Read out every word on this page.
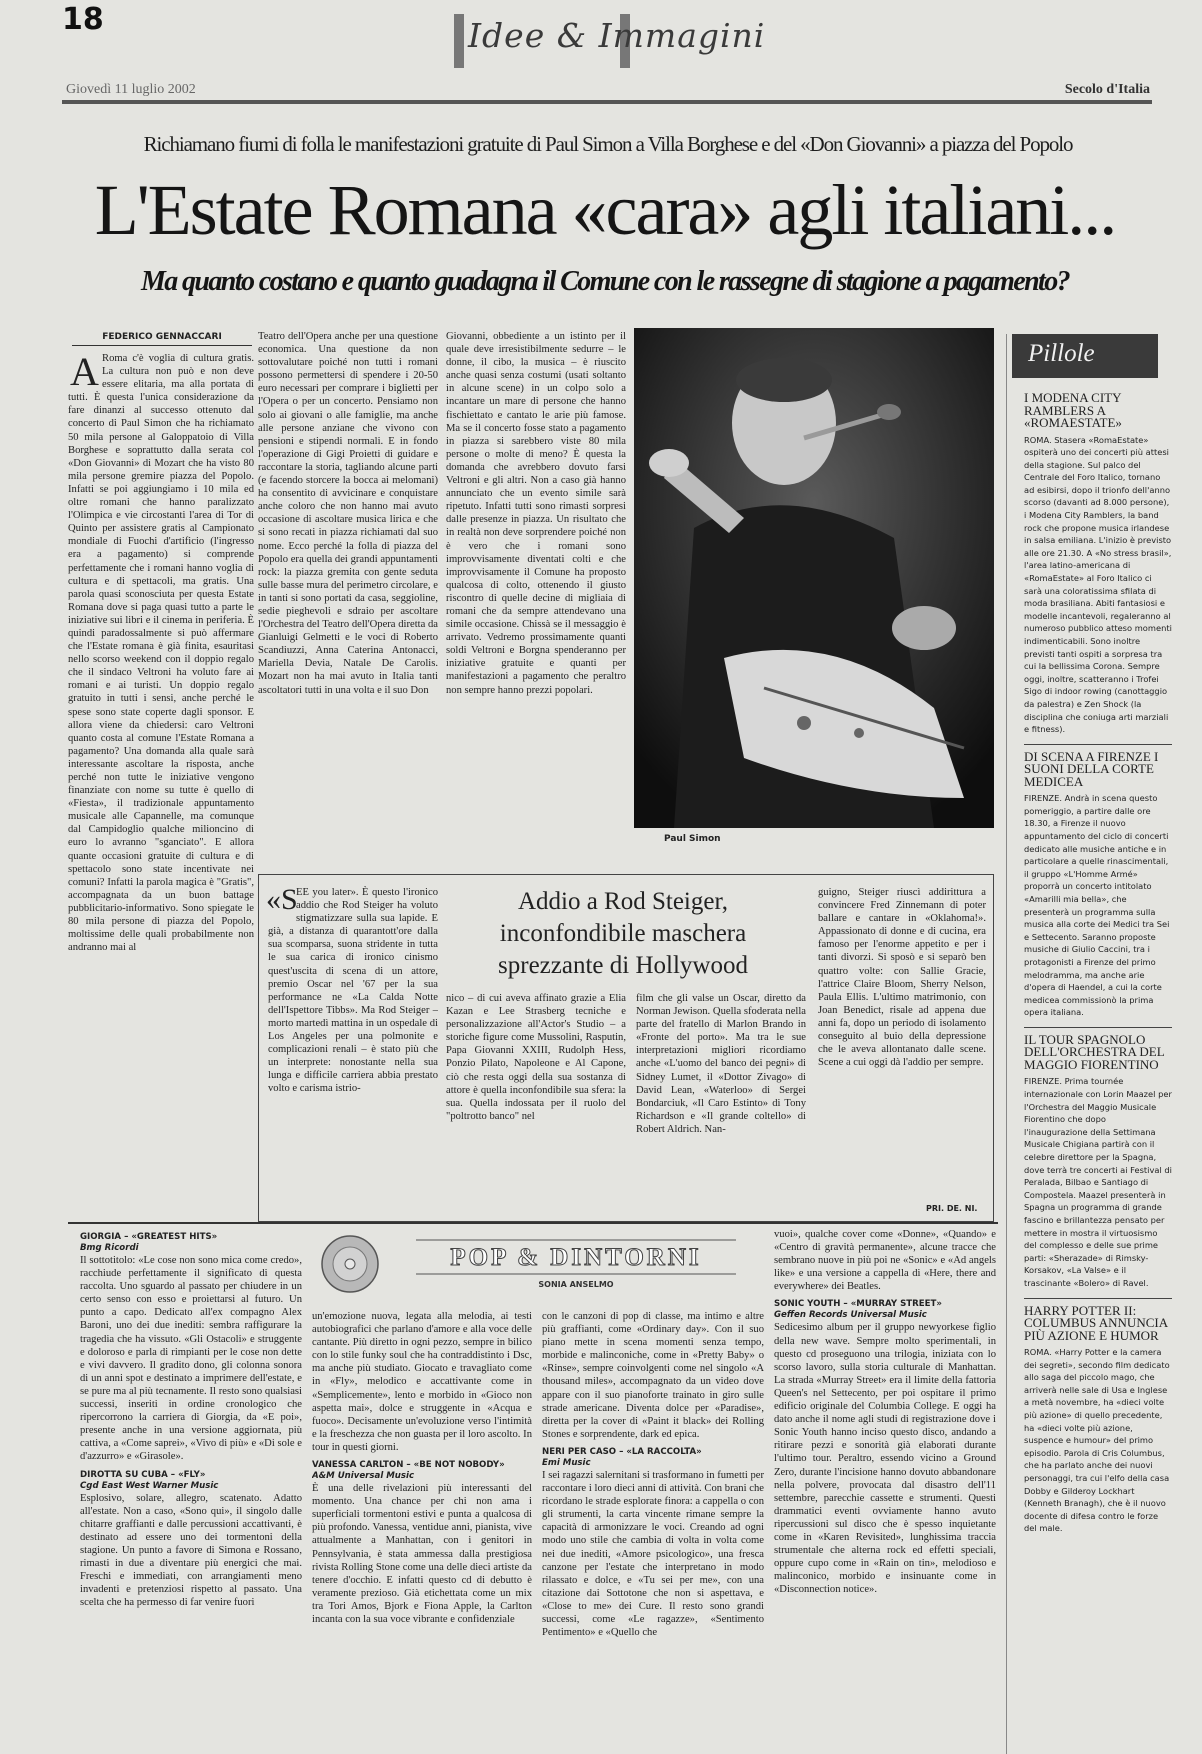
18	Idee & Immagini
Giovedì 11 luglio 2002	Secolo d'Italia
Richiamano fiumi di folla le manifestazioni gratuite di Paul Simon a Villa Borghese e del «Don Giovanni» a piazza del Popolo
L'Estate Romana «cara» agli italiani...
Ma quanto costano e quanto guadagna il Comune con le rassegne di stagione a pagamento?
FEDERICO GENNACCARI
A Roma c'è voglia di cultura gratis. La cultura non può e non deve essere elitaria, ma alla portata di tutti. È questa l'unica considerazione da fare dinanzi al successo ottenuto dal concerto di Paul Simon che ha richiamato 50 mila persone al Galoppatoio di Villa Borghese e soprattutto dalla serata col «Don Giovanni» di Mozart che ha visto 80 mila persone gremire piazza del Popolo. Infatti se poi aggiungiamo i 10 mila ed oltre romani che hanno paralizzato l'Olimpica e vie circostanti l'area di Tor di Quinto per assistere gratis al Campionato mondiale di Fuochi d'artificio (l'ingresso era a pagamento) si comprende perfettamente che i romani hanno voglia di cultura e di spettacoli, ma gratis. Una parola quasi sconosciuta per questa Estate Romana dove si paga quasi tutto a parte le iniziative sui libri e il cinema in periferia. È quindi paradossalmente si può affermare che l'Estate romana è già finita, esauritasi nello scorso weekend con il doppio regalo che il sindaco Veltroni ha voluto fare ai romani e ai turisti. Un doppio regalo gratuito in tutti i sensi, anche perché le spese sono state coperte dagli sponsor. E allora viene da chiedersi: caro Veltroni quanto costa al comune l'Estate Romana a pagamento? Una domanda alla quale sarà interessante ascoltare la risposta, anche perché non tutte le iniziative vengono finanziate con nome su tutte è quello di «Fiesta», il tradizionale appuntamento musicale alle Capannelle, ma comunque dal Campidoglio qualche milioncino di euro lo avranno "sganciato". E allora quante occasioni gratuite di cultura e di spettacolo sono state incentivate nei comuni? Infatti la parola magica è "Gratis", accompagnata da un buon battage pubblicitario-informativo. Sono spiegate le 80 mila persone di piazza del Popolo, moltissime delle quali probabilmente non andranno mai al

Teatro dell'Opera anche per una questione economica. Una questione da non sottovalutare poiché non tutti i romani possono permettersi di spendere i 20-50 euro necessari per comprare i biglietti per l'Opera o per un concerto. Pensiamo non solo ai giovani o alle famiglie, ma anche alle persone anziane che vivono con pensioni e stipendi normali. E in fondo l'operazione di Gigi Proietti di guidare e raccontare la storia, tagliando alcune parti (e facendo storcere la bocca ai melomani) ha consentito di avvicinare e conquistare anche coloro che non hanno mai avuto occasione di ascoltare musica lirica e che si sono recati in piazza richiamati dal suo nome. Ecco perché la folla di piazza del Popolo era quella dei grandi appuntamenti rock: la piazza gremita con gente seduta sulle basse mura del perimetro circolare, e in tanti si sono portati da casa, seggioline, sedie pieghevoli e sdraio per ascoltare l'Orchestra del Teatro dell'Opera diretta da Gianluigi Gelmetti e le voci di Roberto Scandiuzzi, Anna Caterina Antonacci, Mariella Devia, Natale De Carolis. Mozart non ha mai avuto in Italia tanti ascoltatori tutti in una volta e il suo Don

Giovanni, obbediente a un istinto per il quale deve irresistibilmente sedurre – le donne, il cibo, la musica – è riuscito anche quasi senza costumi (usati soltanto in alcune scene) in un colpo solo a incantare un mare di persone che hanno fischiettato e cantato le arie più famose. Ma se il concerto fosse stato a pagamento in piazza si sarebbero viste 80 mila persone o molte di meno? È questa la domanda che avrebbero dovuto farsi Veltroni e gli altri. Non a caso già hanno annunciato che un evento simile sarà ripetuto. Infatti tutti sono rimasti sorpresi dalle presenze in piazza. Un risultato che in realtà non deve sorprendere poiché non è vero che i romani sono improvvisamente diventati colti e che improvvisamente il Comune ha proposto qualcosa di colto, ottenendo il giusto riscontro di quelle decine di migliaia di romani che da sempre attendevano una simile occasione. Chissà se il messaggio è arrivato. Vedremo prossimamente quanti soldi Veltroni e Borgna spenderanno per iniziative gratuite e quanti per manifestazioni a pagamento che peraltro non sempre hanno prezzi popolari.

Paul Simon
«S

EE you later». È questo l'ironico addio che Rod Steiger ha voluto stigmatizzare sulla sua lapide. E già, a distanza di quarantott'ore dalla sua scomparsa, suona stridente in tutta le sua carica di ironico cinismo quest'uscita di scena di un attore, premio Oscar nel '67 per la sua performance ne «La Calda Notte dell'Ispettore Tibbs». Ma Rod Steiger – morto martedì mattina in un ospedale di Los Angeles per una polmonite e complicazioni renali – è stato più che un interprete: nonostante nella sua lunga e difficile carriera abbia prestato volto e carisma istrio-

Addio a Rod Steiger, inconfondibile maschera sprezzante di Hollywood

nico – di cui aveva affinato grazie a Elia Kazan e Lee Strasberg tecniche e personalizzazione all'Actor's Studio – a storiche figure come Mussolini, Rasputin, Papa Giovanni XXIII, Rudolph Hess, Ponzio Pilato, Napoleone e Al Capone, ciò che resta oggi della sua sostanza di attore è quella inconfondibile sua sfera: la sua. Quella indossata per il ruolo del "poltrotto banco" nel

film che gli valse un Oscar, diretto da Norman Jewison. Quella sfoderata nella parte del fratello di Marlon Brando in «Fronte del porto». Ma tra le sue interpretazioni migliori ricordiamo anche «L'uomo del banco dei pegni» di Sidney Lumet, il «Dottor Zivago» di David Lean, «Waterloo» di Sergei Bondarciuk, «Il Caro Estinto» di Tony Richardson e «Il grande coltello» di Robert Aldrich. Nan-

guigno, Steiger riuscì addirittura a convincere Fred Zinnemann di poter ballare e cantare in «Oklahoma!». Appassionato di donne e di cucina, era famoso per l'enorme appetito e per i tanti divorzi. Si sposò e si separò ben quattro volte: con Sallie Gracie, l'attrice Claire Bloom, Sherry Nelson, Paula Ellis. L'ultimo matrimonio, con Joan Benedict, risale ad appena due anni fa, dopo un periodo di isolamento conseguito al buio della depressione che le aveva allontanato dalle scene. Scene a cui oggi dà l'addio per sempre.

PRI. DE. NI.
Pillole
I MODENA CITY RAMBLERS A «ROMAESTATE»
ROMA. Stasera «RomaEstate» ospiterà uno dei concerti più attesi della stagione. Sul palco del Centrale del Foro Italico, tornano ad esibirsi, dopo il trionfo dell'anno scorso (davanti ad 8.000 persone), i Modena City Ramblers, la band rock che propone musica irlandese in salsa emiliana. L'inizio è previsto alle ore 21.30. A «No stress brasil», l'area latino-americana di «RomaEstate» al Foro Italico ci sarà una coloratissima sfilata di moda brasiliana. Abiti fantasiosi e modelle incantevoli, regaleranno al numeroso pubblico atteso momenti indimenticabili. Sono inoltre previsti tanti ospiti a sorpresa tra cui la bellissima Corona. Sempre oggi, inoltre, scatteranno i Trofei Sigo di indoor rowing (canottaggio da palestra) e Zen Shock (la disciplina che coniuga arti marziali e fitness).
DI SCENA A FIRENZE I SUONI DELLA CORTE MEDICEA
FIRENZE. Andrà in scena questo pomeriggio, a partire dalle ore 18.30, a Firenze il nuovo appuntamento del ciclo di concerti dedicato alle musiche antiche e in particolare a quelle rinascimentali, il gruppo «L'Homme Armé» proporrà un concerto intitolato «Amarilli mia bella», che presenterà un programma sulla musica alla corte dei Medici tra Sei e Settecento. Saranno proposte musiche di Giulio Caccini, tra i protagonisti a Firenze del primo melodramma, ma anche arie d'opera di Haendel, a cui la corte medicea commissionò la prima opera italiana.
IL TOUR SPAGNOLO DELL'ORCHESTRA DEL MAGGIO FIORENTINO
FIRENZE. Prima tournée internazionale con Lorin Maazel per l'Orchestra del Maggio Musicale Fiorentino che dopo l'inaugurazione della Settimana Musicale Chigiana partirà con il celebre direttore per la Spagna, dove terrà tre concerti ai Festival di Peralada, Bilbao e Santiago di Compostela. Maazel presenterà in Spagna un programma di grande fascino e brillantezza pensato per mettere in mostra il virtuosismo del complesso e delle sue prime parti: «Sherazade» di Rimsky-Korsakov, «La Valse» e il trascinante «Bolero» di Ravel.
HARRY POTTER II: COLUMBUS ANNUNCIA PIÙ AZIONE E HUMOR
ROMA. «Harry Potter e la camera dei segreti», secondo film dedicato allo saga del piccolo mago, che arriverà nelle sale di Usa e Inglese a metà novembre, ha «dieci volte più azione» di quello precedente, ha «dieci volte più azione, suspence e humour» del primo episodio. Parola di Cris Columbus, che ha parlato anche dei nuovi personaggi, tra cui l'elfo della casa Dobby e Gilderoy Lockhart (Kenneth Branagh), che è il nuovo docente di difesa contro le forze del male.
POP & DINTORNI
SONIA ANSELMO
GIORGIA – «GREATEST HITS»
Bmg Ricordi

Il sottotitolo: «Le cose non sono mica come credo», racchiude perfettamente il significato di questa raccolta. Uno sguardo al passato per chiudere in un certo senso con esso e proiettarsi al futuro. Un punto a capo. Dedicato all'ex compagno Alex Baroni, uno dei due inediti: sembra raffigurare la tragedia che ha vissuto. «Gli Ostacoli» e struggente e doloroso e parla di rimpianti per le cose non dette e vivi davvero. Il gradito dono, gli colonna sonora di un anni spot e destinato a imprimere dell'estate, e se pure ma al più tecnamente. Il resto sono qualsiasi successi, inseriti in ordine cronologico che ripercorrono la carriera di Giorgia, da «E poi», presente anche in una versione aggiornata, più cattiva, a «Come saprei», «Vivo di più» e «Di sole e d'azzurro» e «Girasole».

DIROTTA SU CUBA – «FLY»
Cgd East West Warner Music

Esplosivo, solare, allegro, scatenato. Adatto all'estate. Non a caso, «Sono qui», il singolo dalle chitarre graffianti e dalle percussioni accattivanti, è destinato ad essere uno dei tormentoni della stagione. Un punto a favore di Simona e Rossano, rimasti in due a diventare più energici che mai. Freschi e immediati, con arrangiamenti meno invadenti e pretenziosi rispetto al passato. Una scelta che ha permesso di far venire fuori

un'emozione nuova, legata alla melodia, ai testi autobiografici che parlano d'amore e alla voce delle cantante. Più diretto in ogni pezzo, sempre in bilico con lo stile funky soul che ha contraddistinto i Dsc, ma anche più studiato. Giocato e travagliato come in «Fly», melodico e accattivante come in «Semplicemente», lento e morbido in «Gioco non aspetta mai», dolce e struggente in «Acqua e fuoco». Decisamente un'evoluzione verso l'intimità e la freschezza che non guasta per il loro ascolto. In tour in questi giorni.

VANESSA CARLTON – «BE NOT NOBODY»
A&M Universal Music

È una delle rivelazioni più interessanti del momento. Una chance per chi non ama i superficiali tormentoni estivi e punta a qualcosa di più profondo. Vanessa, ventidue anni, pianista, vive attualmente a Manhattan, con i genitori in Pennsylvania, è stata ammessa dalla prestigiosa rivista Rolling Stone come una delle dieci artiste da tenere d'occhio. E infatti questo cd di debutto è veramente prezioso. Già etichettata come un mix tra Tori Amos, Bjork e Fiona Apple, la Carlton incanta con la sua voce vibrante e confidenziale

con le canzoni di pop di classe, ma intimo e altre più graffianti, come «Ordinary day». Con il suo piano mette in scena momenti senza tempo, morbide e malinconiche, come in «Pretty Baby» o «Rinse», sempre coinvolgenti come nel singolo «A thousand miles», accompagnato da un video dove appare con il suo pianoforte trainato in giro sulle strade americane. Diventa dolce per «Paradise», diretta per la cover di «Paint it black» dei Rolling Stones e sorprendente, dark ed epica.

NERI PER CASO – «LA RACCOLTA»
Emi Music

I sei ragazzi salernitani si trasformano in fumetti per raccontare i loro dieci anni di attività. Con brani che ricordano le strade esplorate finora: a cappella o con gli strumenti, la carta vincente rimane sempre la capacità di armonizzare le voci. Creando ad ogni modo uno stile che cambia di volta in volta come nei due inediti, «Amore psicologico», una fresca canzone per l'estate che interpretano in modo rilassato e dolce, e «Tu sei per me», con una citazione dai Sottotone che non si aspettava, e «Close to me» dei Cure. Il resto sono grandi successi, come «Le ragazze», «Sentimento Pentimento» e «Quello che

vuoi», qualche cover come «Donne», «Quando» e «Centro di gravità permanente», alcune tracce che sembrano nuove in più poi ne «Sonic» e «Ad angels like» e una versione a cappella di «Here, there and everywhere» dei Beatles.

SONIC YOUTH – «MURRAY STREET»
Geffen Records Universal Music

Sedicesimo album per il gruppo newyorkese figlio della new wave. Sempre molto sperimentali, in questo cd proseguono una trilogia, iniziata con lo scorso lavoro, sulla storia culturale di Manhattan. La strada «Murray Street» era il limite della fattoria Queen's nel Settecento, per poi ospitare il primo edificio originale del Columbia College. E oggi ha dato anche il nome agli studi di registrazione dove i Sonic Youth hanno inciso questo disco, andando a ritirare pezzi e sonorità già elaborati durante l'ultimo tour. Peraltro, essendo vicino a Ground Zero, durante l'incisione hanno dovuto abbandonare nella polvere, provocata dal disastro dell'11 settembre, parecchie cassette e strumenti. Questi drammatici eventi ovviamente hanno avuto ripercussioni sul disco che è spesso inquietante come in «Karen Revisited», lunghissima traccia strumentale che alterna rock ed effetti speciali, oppure cupo come in «Rain on tin», melodioso e malinconico, morbido e insinuante come in «Disconnection notice».
